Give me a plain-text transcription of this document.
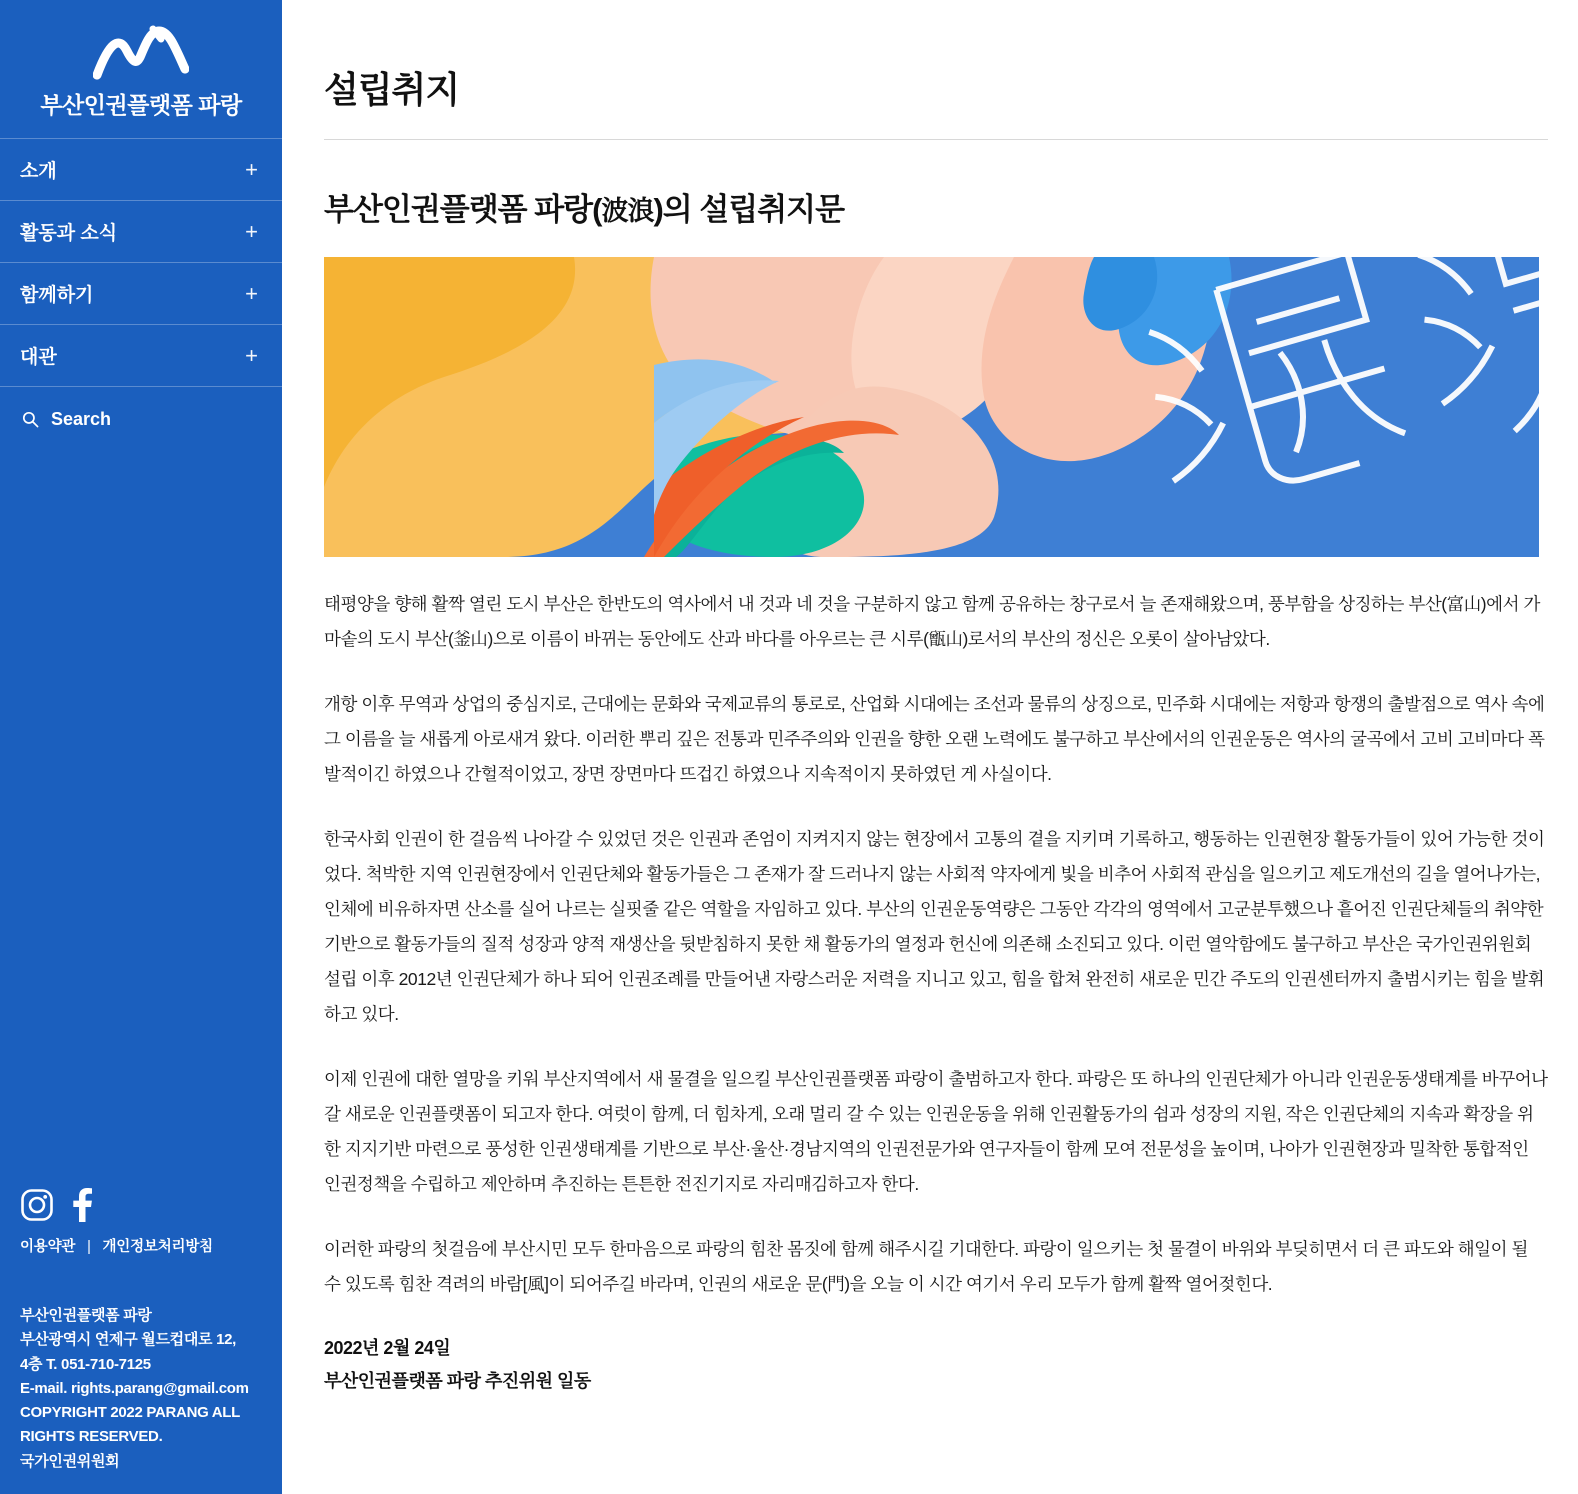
부산인권플랫폼 파랑
소개	+
활동과 소식	+
함께하기	+
대관	+
Search
이용약관 | 개인정보처리방침
부산인권플랫폼 파랑
부산광역시 연제구 월드컵대로 12,
4층 T. 051-710-7125
E-mail. rights.parang@gmail.com
COPYRIGHT 2022 PARANG ALL
RIGHTS RESERVED.
국가인권위원회
설립취지
부산인권플랫폼 파랑(波浪)의 설립취지문

태평양을 향해 활짝 열린 도시 부산은 한반도의 역사에서 내 것과 네 것을 구분하지 않고 함께 공유하는 창구로서 늘 존재해왔으며, 풍부함을 상징하는 부산(富山)에서 가마솥의 도시 부산(釜山)으로 이름이 바뀌는 동안에도 산과 바다를 아우르는 큰 시루(甑山)로서의 부산의 정신은 오롯이 살아남았다.

개항 이후 무역과 상업의 중심지로, 근대에는 문화와 국제교류의 통로로, 산업화 시대에는 조선과 물류의 상징으로, 민주화 시대에는 저항과 항쟁의 출발점으로 역사 속에 그 이름을 늘 새롭게 아로새겨 왔다. 이러한 뿌리 깊은 전통과 민주주의와 인권을 향한 오랜 노력에도 불구하고 부산에서의 인권운동은 역사의 굴곡에서 고비 고비마다 폭발적이긴 하였으나 간헐적이었고, 장면 장면마다 뜨겁긴 하였으나 지속적이지 못하였던 게 사실이다.

한국사회 인권이 한 걸음씩 나아갈 수 있었던 것은 인권과 존엄이 지켜지지 않는 현장에서 고통의 곁을 지키며 기록하고, 행동하는 인권현장 활동가들이 있어 가능한 것이었다. 척박한 지역 인권현장에서 인권단체와 활동가들은 그 존재가 잘 드러나지 않는 사회적 약자에게 빛을 비추어 사회적 관심을 일으키고 제도개선의 길을 열어나가는, 인체에 비유하자면 산소를 실어 나르는 실핏줄 같은 역할을 자임하고 있다. 부산의 인권운동역량은 그동안 각각의 영역에서 고군분투했으나 흩어진 인권단체들의 취약한 기반으로 활동가들의 질적 성장과 양적 재생산을 뒷받침하지 못한 채 활동가의 열정과 헌신에 의존해 소진되고 있다. 이런 열악함에도 불구하고 부산은 국가인권위원회 설립 이후 2012년 인권단체가 하나 되어 인권조례를 만들어낸 자랑스러운 저력을 지니고 있고, 힘을 합쳐 완전히 새로운 민간 주도의 인권센터까지 출범시키는 힘을 발휘하고 있다.

이제 인권에 대한 열망을 키워 부산지역에서 새 물결을 일으킬 부산인권플랫폼 파랑이 출범하고자 한다. 파랑은 또 하나의 인권단체가 아니라 인권운동생태계를 바꾸어나갈 새로운 인권플랫폼이 되고자 한다. 여럿이 함께, 더 힘차게, 오래 멀리 갈 수 있는 인권운동을 위해 인권활동가의 쉼과 성장의 지원, 작은 인권단체의 지속과 확장을 위한 지지기반 마련으로 풍성한 인권생태계를 기반으로 부산·울산·경남지역의 인권전문가와 연구자들이 함께 모여 전문성을 높이며, 나아가 인권현장과 밀착한 통합적인 인권정책을 수립하고 제안하며 추진하는 튼튼한 전진기지로 자리매김하고자 한다.

이러한 파랑의 첫걸음에 부산시민 모두 한마음으로 파랑의 힘찬 몸짓에 함께 해주시길 기대한다. 파랑이 일으키는 첫 물결이 바위와 부딪히면서 더 큰 파도와 해일이 될 수 있도록 힘찬 격려의 바람[風]이 되어주길 바라며, 인권의 새로운 문(門)을 오늘 이 시간 여기서 우리 모두가 함께 활짝 열어젖힌다.

2022년 2월 24일
부산인권플랫폼 파랑 추진위원 일동
